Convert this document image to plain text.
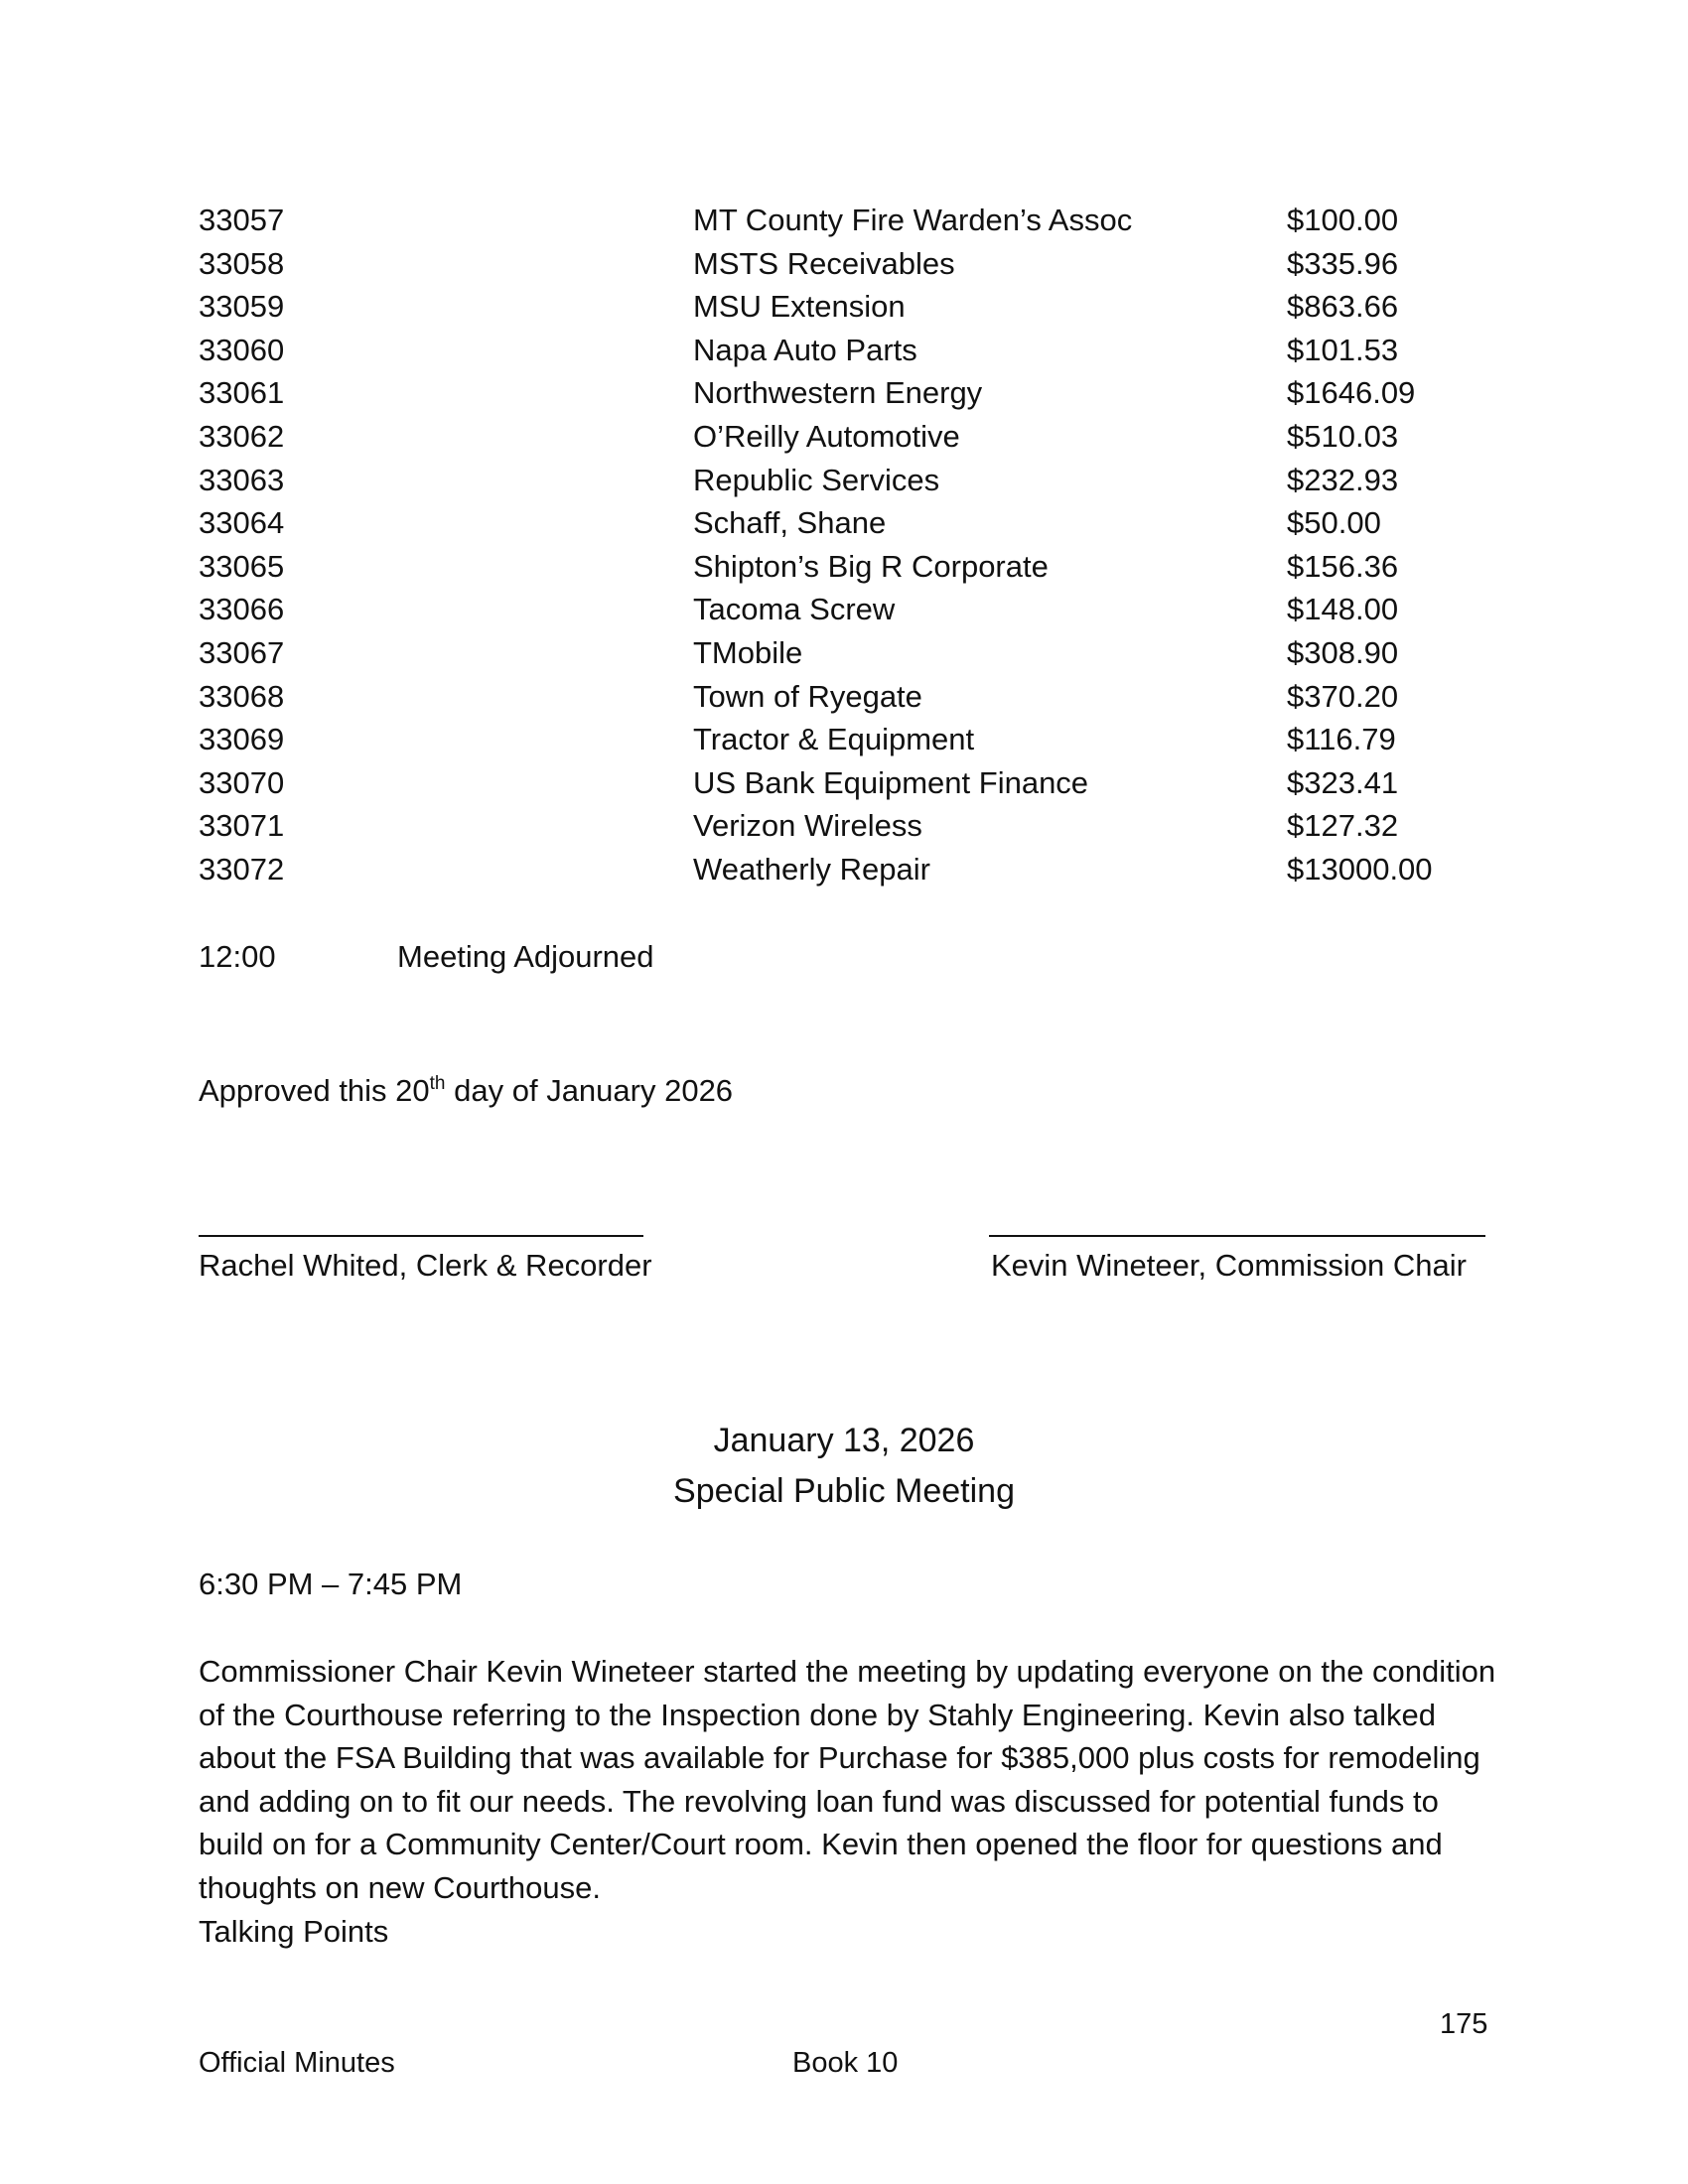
33057	MT County Fire Warden’s Assoc	$100.00
33058	MSTS Receivables	$335.96
33059	MSU Extension	$863.66
33060	Napa Auto Parts	$101.53
33061	Northwestern Energy	$1646.09
33062	O’Reilly Automotive	$510.03
33063	Republic Services	$232.93
33064	Schaff, Shane	$50.00
33065	Shipton’s Big R Corporate	$156.36
33066	Tacoma Screw	$148.00
33067	TMobile	$308.90
33068	Town of Ryegate	$370.20
33069	Tractor & Equipment	$116.79
33070	US Bank Equipment Finance	$323.41
33071	Verizon Wireless	$127.32
33072	Weatherly Repair	$13000.00
12:00	Meeting Adjourned
Approved this 20th day of January 2026
Rachel Whited, Clerk & Recorder	Kevin Wineteer, Commission Chair
January 13, 2026
Special Public Meeting
6:30 PM – 7:45 PM
Commissioner Chair Kevin Wineteer started the meeting by updating everyone on the condition
of the Courthouse referring to the Inspection done by Stahly Engineering. Kevin also talked
about the FSA Building that was available for Purchase for $385,000 plus costs for remodeling
and adding on to fit our needs. The revolving loan fund was discussed for potential funds to
build on for a Community Center/Court room. Kevin then opened the floor for questions and
thoughts on new Courthouse.
Talking Points
175
Official Minutes	Book 10
